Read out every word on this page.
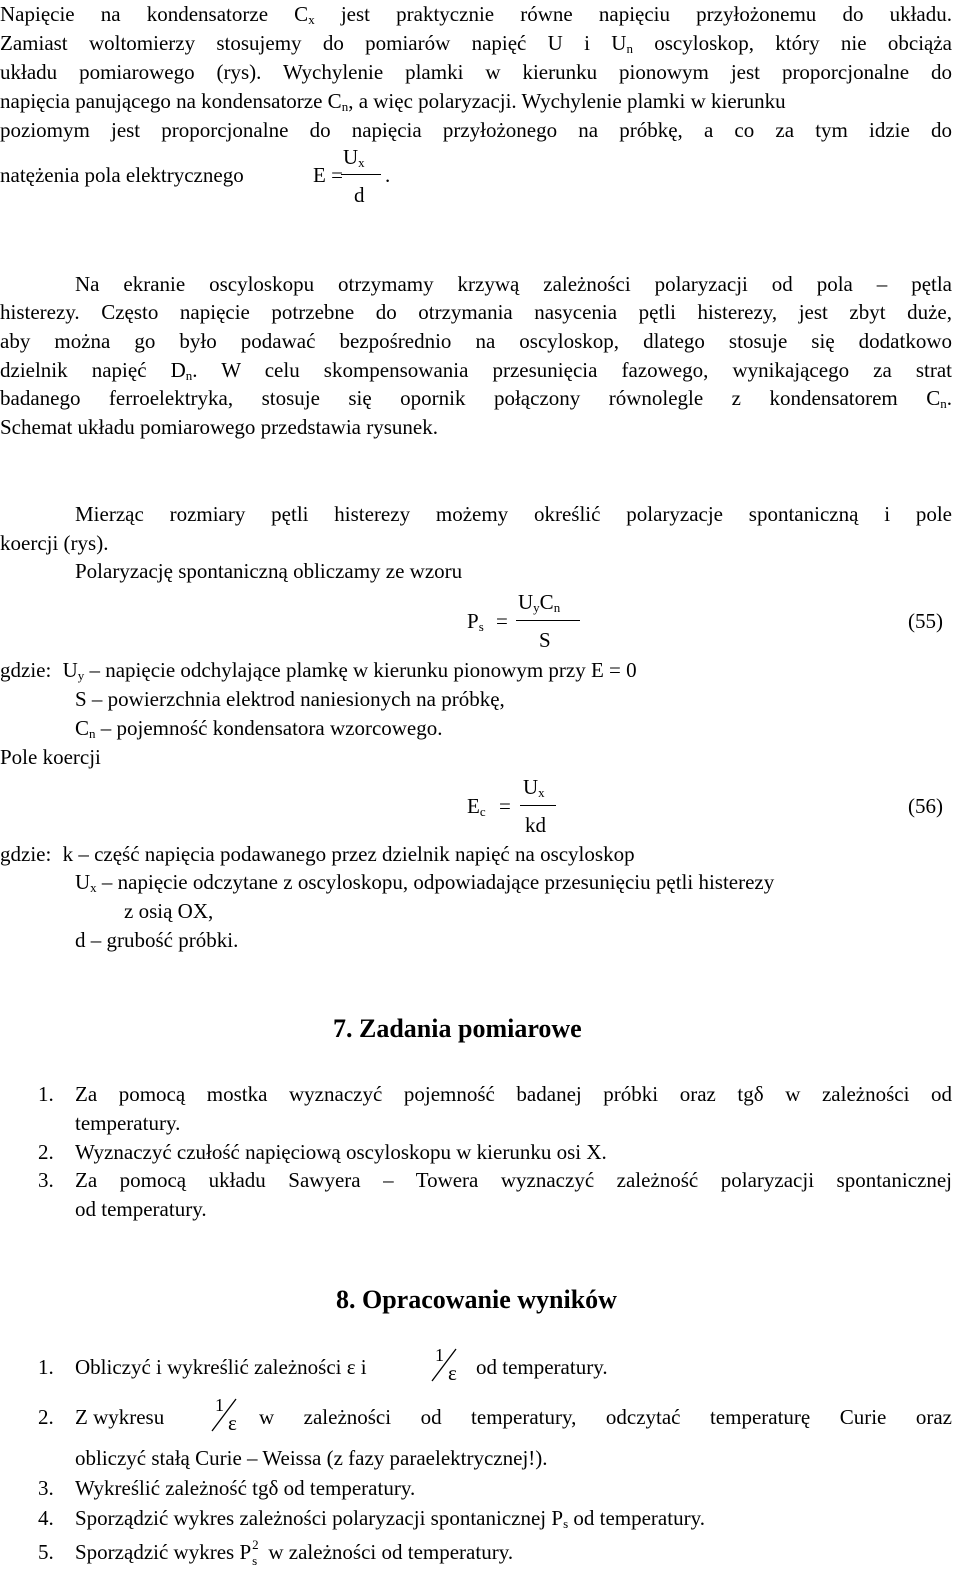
Napięcie na kondensatorze $C_x$ jest praktycznie równe napięciu przyłożonemu do układu.
Zamiast woltomierzy stosujemy do pomiarów napięć U i $U_n$ oscyloskop, który nie obciąża
układu pomiarowego (rys). Wychylenie plamki w kierunku pionowym jest proporcjonalne do
napięcia panującego na kondensatorze $C_n$, a więc polaryzacji. Wychylenie plamki w kierunku
poziomym jest proporcjonalne do napięcia przyłożonego na próbkę, a co za tym idzie do
natężenia pola elektrycznego	E =
$U_x$
d
.
Na ekranie oscyloskopu otrzymamy krzywą zależności polaryzacji od pola – pętla
histerezy. Często napięcie potrzebne do otrzymania nasycenia pętli histerezy, jest zbyt duże,
aby można go było podawać bezpośrednio na oscyloskop, dlatego stosuje się dodatkowo
dzielnik napięć $D_n$. W celu skompensowania przesunięcia fazowego, wynikającego za strat
badanego ferroelektryka, stosuje się opornik połączony równolegle z kondensatorem $C_n$.
Schemat układu pomiarowego przedstawia rysunek.
Mierząc rozmiary pętli histerezy możemy określić polaryzacje spontaniczną i pole
koercji (rys).
Polaryzację spontaniczną obliczamy ze wzoru
$P_s$ =
$U_yC_n$
S
(55)
gdzie: $U_y$ – napięcie odchylające plamkę w kierunku pionowym przy E = 0
S – powierzchnia elektrod naniesionych na próbkę,
$C_n$ – pojemność kondensatora wzorcowego.
Pole koercji
$E_c$ =
$U_x$
kd
(56)
gdzie: k – część napięcia podawanego przez dzielnik napięć na oscyloskop
$U_x$ – napięcie odczytane z oscyloskopu, odpowiadające przesunięciu pętli histerezy
z osią OX,
d – grubość próbki.
7. Zadania pomiarowe
1. Za pomocą mostka wyznaczyć pojemność badanej próbki oraz tgδ w zależności od
temperatury.
2. Wyznaczyć czułość napięciową oscyloskopu w kierunku osi X.
3. Za pomocą układu Sawyera – Towera wyznaczyć zależność polaryzacji spontanicznej
od temperatury.
8. Opracowanie wyników
1. Obliczyć i wykreślić zależności ε i	1
ε od temperatury.
2. Z wykresu	1
ε w zależności od temperatury, odczytać temperaturę Curie oraz
obliczyć stałą Curie – Weissa (z fazy paraelektrycznej!).
3. Wykreślić zależność tgδ od temperatury.
4. Sporządzić wykres zależności polaryzacji spontanicznej $P_s$ od temperatury.
5. Sporządzić wykres P 2
s w zależności od temperatury.
